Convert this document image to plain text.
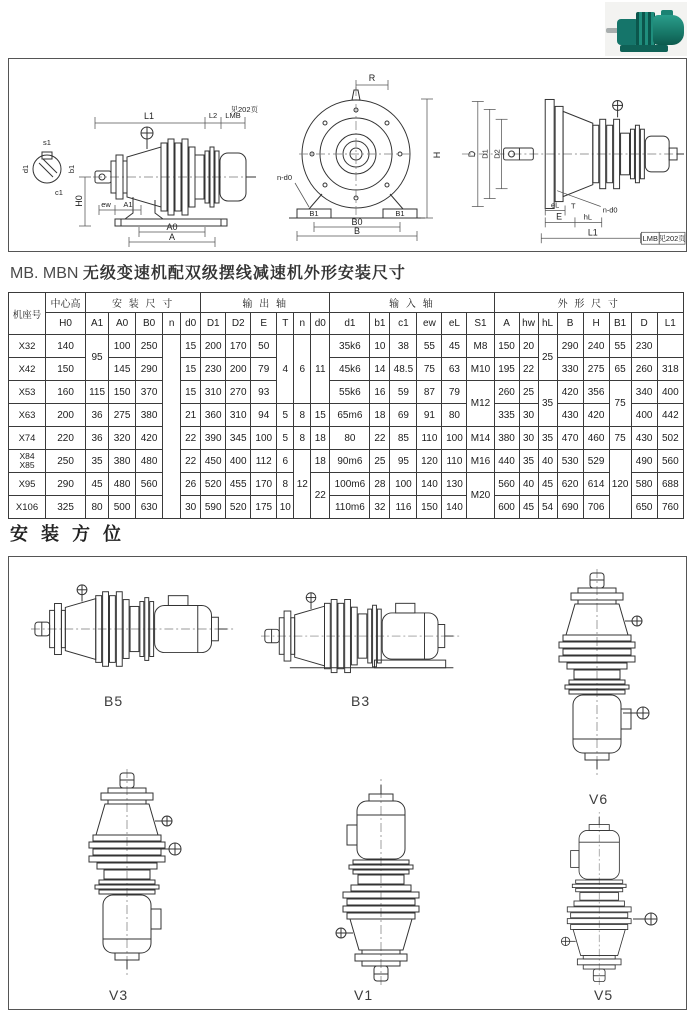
s1
d1	b1
c1
L1	L2 LMB
见202页
H0 ew A1
A0
A
R
H
n-d0
B1	B1
B0
B
D D1 D2
n-d0
eL T
E	hL
L1
LMB 见202页
MB. MBN 无级变速机配双级摆线减速机外形安装尺寸
机座号	中心高	安 装 尺 寸					输 出 轴						输 入 轴						外 形 尺 寸							
	H0	A1	A0	B0	n	d0	D1	D2	E	T	n	d0	d1	b1	c1	ew	eL	S1	A	hw	hL	B	H	B1	D	L1
X32	140	95	100	250		15	200	170	50	4	6	11	35k6	10	38	55	45	M8	150	20	25	290	240	55	230	
X42	150		145	290		15	230	200	79				45k6	14	48.5	75	63	M10	195	22		330	275	65	260	318
X53	160	115	150	370		15	310	270	93				55k6	16	59	87	79	M12	260	25	35	420	356	75	340	400
X63	200	36	275	380		21	360	310	94	5	8	15	65m6	18	69	91	80		335	30		430	420		400	442
X74	220	36	320	420		22	390	345	100	5	8	18	80	22	85	110	100	M14	380	30	35	470	460	75	430	502

X84
X85	250	35	380	480		22	450	400	112	6	12	18	90m6	25	95	120	110	M16	440	35	40	530	529	120	490	560
X95	290	45	480	560		26	520	455	170	8		22	100m6	28	100	140	130	M20	560	40	45	620	614		580	688
X106	325	80	500	630		30	590	520	175	10			110m6	32	116	150	140		600	45	54	690	706		650	760
安 装 方 位
B5	B3
V6
V3	V1	V5
